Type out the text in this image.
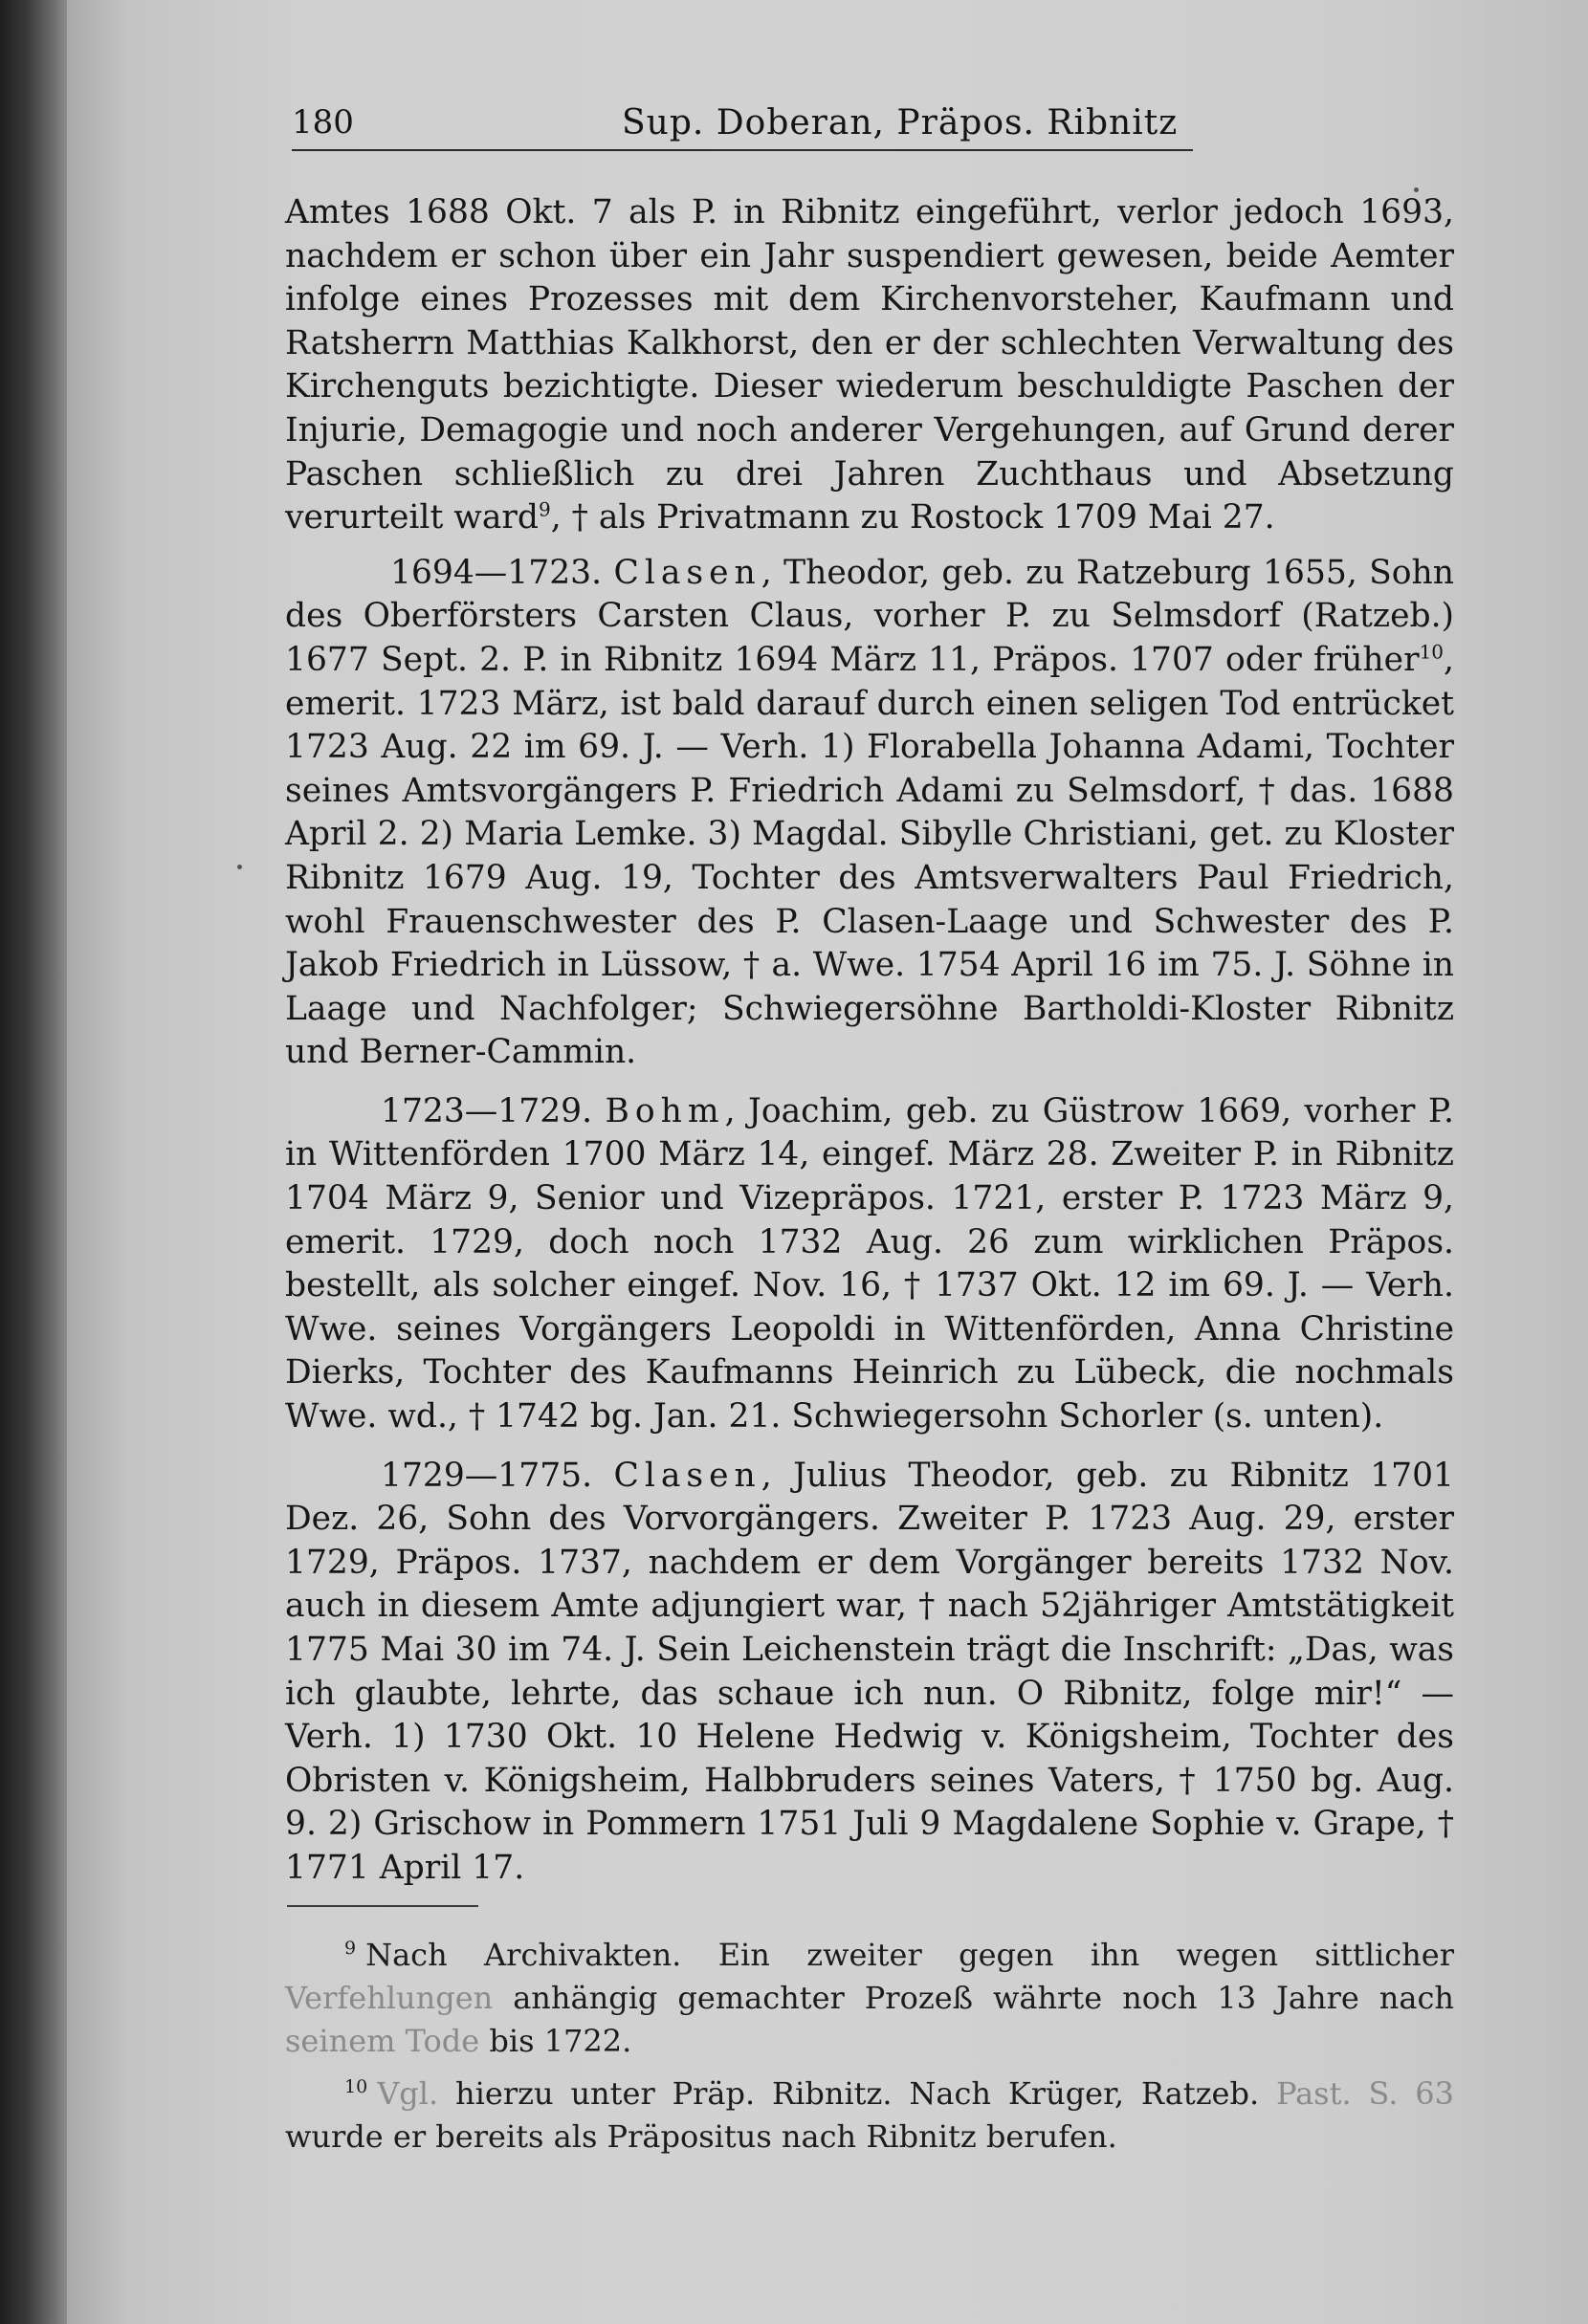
180	Sup. Doberan, Präpos. Ribnitz

Amtes 1688 Okt. 7 als P. in Ribnitz eingeführt, verlor jedoch 1693, nachdem er schon über ein Jahr suspendiert gewesen, beide Aemter infolge eines Prozesses mit dem Kirchenvorsteher, Kaufmann und Ratsherrn Matthias Kalkhorst, den er der schlechten Verwaltung des Kirchenguts bezichtigte. Dieser wiederum beschuldigte Paschen der Injurie, Demagogie und noch anderer Vergehungen, auf Grund derer Paschen schließlich zu drei Jahren Zuchthaus und Absetzung verurteilt ward$^9$, † als Privatmann zu Rostock 1709 Mai 27.

1694—1723. Clasen, Theodor, geb. zu Ratzeburg 1655, Sohn des Oberförsters Carsten Claus, vorher P. zu Selmsdorf (Ratzeb.) 1677 Sept. 2. P. in Ribnitz 1694 März 11, Präpos. 1707 oder früher$^{10}$, emerit. 1723 März, ist bald darauf durch einen seligen Tod entrücket 1723 Aug. 22 im 69. J. — Verh. 1) Florabella Johanna Adami, Tochter seines Amtsvorgängers P. Friedrich Adami zu Selmsdorf, † das. 1688 April 2. 2) Maria Lemke. 3) Magdal. Sibylle Christiani, get. zu Kloster Ribnitz 1679 Aug. 19, Tochter des Amtsverwalters Paul Friedrich, wohl Frauenschwester des P. Clasen-Laage und Schwester des P. Jakob Friedrich in Lüssow, † a. Wwe. 1754 April 16 im 75. J. Söhne in Laage und Nachfolger; Schwiegersöhne Bartholdi-Kloster Ribnitz und Berner-Cammin.

1723—1729. Bohm, Joachim, geb. zu Güstrow 1669, vorher P. in Wittenförden 1700 März 14, eingef. März 28. Zweiter P. in Ribnitz 1704 März 9, Senior und Vizepräpos. 1721, erster P. 1723 März 9, emerit. 1729, doch noch 1732 Aug. 26 zum wirklichen Präpos. bestellt, als solcher eingef. Nov. 16, † 1737 Okt. 12 im 69. J. — Verh. Wwe. seines Vorgängers Leopoldi in Wittenförden, Anna Christine Dierks, Tochter des Kaufmanns Heinrich zu Lübeck, die nochmals Wwe. wd., † 1742 bg. Jan. 21. Schwiegersohn Schorler (s. unten).

1729—1775. Clasen, Julius Theodor, geb. zu Ribnitz 1701 Dez. 26, Sohn des Vorvorgängers. Zweiter P. 1723 Aug. 29, erster 1729, Präpos. 1737, nachdem er dem Vorgänger bereits 1732 Nov. auch in diesem Amte adjungiert war, † nach 52jähriger Amtstätigkeit 1775 Mai 30 im 74. J. Sein Leichenstein trägt die Inschrift: „Das, was ich glaubte, lehrte, das schaue ich nun. O Ribnitz, folge mir!“ — Verh. 1) 1730 Okt. 10 Helene Hedwig v. Königsheim, Tochter des Obristen v. Königsheim, Halbbruders seines Vaters, † 1750 bg. Aug. 9. 2) Grischow in Pommern 1751 Juli 9 Magdalene Sophie v. Grape, † 1771 April 17.

$^9$ Nach Archivakten. Ein zweiter gegen ihn wegen sittlicher Verfehlungen anhängig gemachter Prozeß währte noch 13 Jahre nach seinem Tode bis 1722.

$^{10}$ Vgl. hierzu unter Präp. Ribnitz. Nach Krüger, Ratzeb. Past. S. 63 wurde er bereits als Präpositus nach Ribnitz berufen.
